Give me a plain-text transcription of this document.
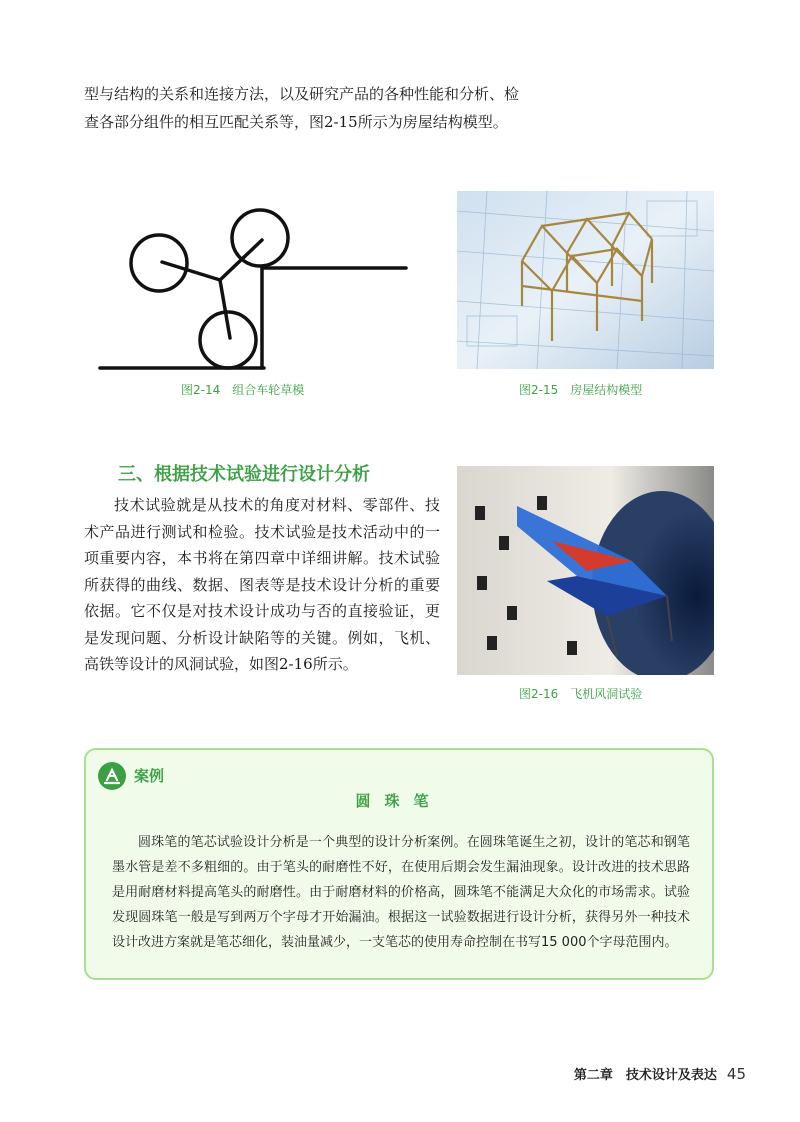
型与结构的关系和连接方法，以及研究产品的各种性能和分析、检

查各部分组件的相互匹配关系等，图2-15所示为房屋结构模型。

图2-14　组合车轮草模	图2-15　房屋结构模型
三、根据技术试验进行设计分析

技术试验就是从技术的角度对材料、零部件、技术产品进行测试和检验。技术试验是技术活动中的一项重要内容，本书将在第四章中详细讲解。技术试验所获得的曲线、数据、图表等是技术设计分析的重要依据。它不仅是对技术设计成功与否的直接验证，更是发现问题、分析设计缺陷等的关键。例如，飞机、高铁等设计的风洞试验，如图2-16所示。

图2-16　飞机风洞试验
案例
圆珠笔

圆珠笔的笔芯试验设计分析是一个典型的设计分析案例。在圆珠笔诞生之初，设计的笔芯和钢笔墨水管是差不多粗细的。由于笔头的耐磨性不好，在使用后期会发生漏油现象。设计改进的技术思路是用耐磨材料提高笔头的耐磨性。由于耐磨材料的价格高，圆珠笔不能满足大众化的市场需求。试验发现圆珠笔一般是写到两万个字母才开始漏油。根据这一试验数据进行设计分析，获得另外一种技术设计改进方案就是笔芯细化，装油量减少，一支笔芯的使用寿命控制在书写15 000个字母范围内。

第二章　技术设计及表达 45
